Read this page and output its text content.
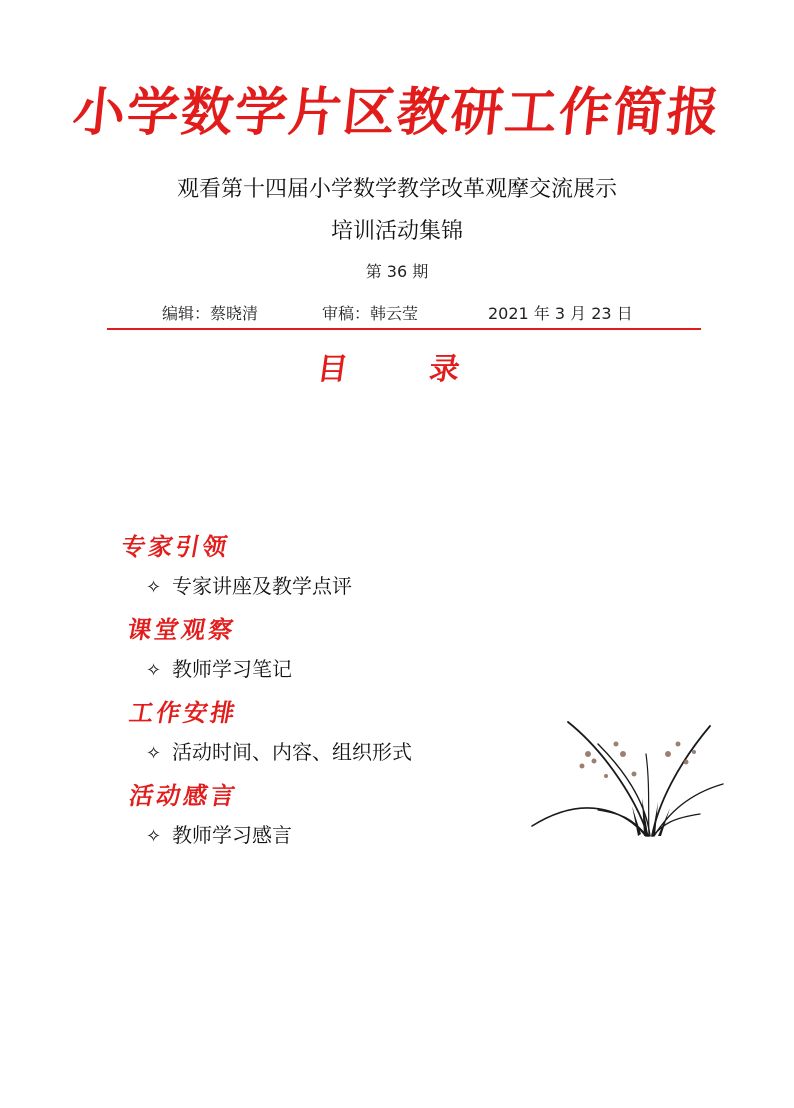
小学数学片区教研工作简报
观看第十四届小学数学教学改革观摩交流展示
培训活动集锦
第 36 期
编辑：蔡晓清	审稿：韩云莹	2021 年 3 月 23 日
目	录
专家引领
✧ 专家讲座及教学点评
课堂观察
✧ 教师学习笔记
工作安排
✧ 活动时间、内容、组织形式
活动感言
✧ 教师学习感言
